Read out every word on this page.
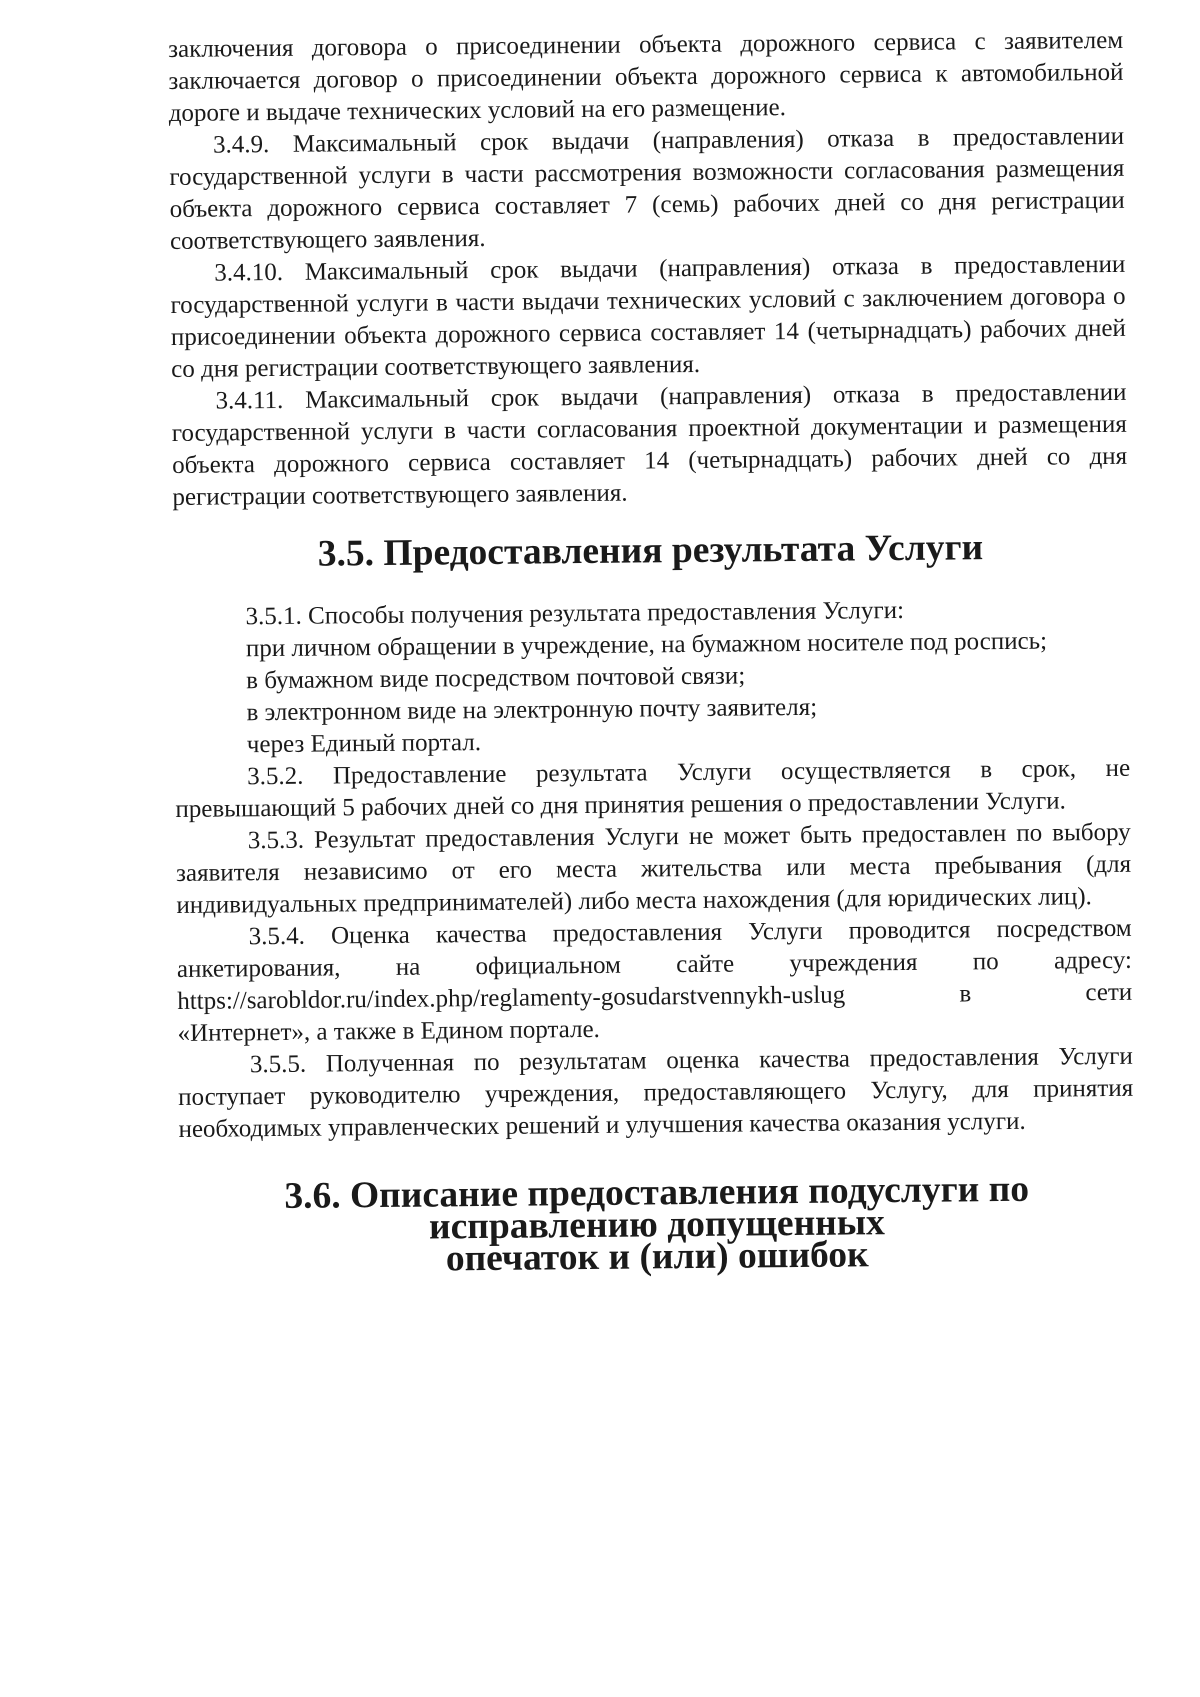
заключения договора о присоединении объекта дорожного сервиса с заявителем заключается договор о присоединении объекта дорожного сервиса к автомобильной дороге и выдаче технических условий на его размещение.

3.4.9. Максимальный срок выдачи (направления) отказа в предоставлении государственной услуги в части рассмотрения возможности согласования размещения объекта дорожного сервиса составляет 7 (семь) рабочих дней со дня регистрации соответствующего заявления.

3.4.10. Максимальный срок выдачи (направления) отказа в предоставлении государственной услуги в части выдачи технических условий с заключением договора о присоединении объекта дорожного сервиса составляет 14 (четырнадцать) рабочих дней со дня регистрации соответствующего заявления.

3.4.11. Максимальный срок выдачи (направления) отказа в предоставлении государственной услуги в части согласования проектной документации и размещения объекта дорожного сервиса составляет 14 (четырнадцать) рабочих дней со дня регистрации соответствующего заявления.

3.5. Предоставления результата Услуги

3.5.1. Способы получения результата предоставления Услуги:

при личном обращении в учреждение, на бумажном носителе под роспись;

в бумажном виде посредством почтовой связи;

в электронном виде на электронную почту заявителя;

через Единый портал.

3.5.2. Предоставление результата Услуги осуществляется в срок, не превышающий 5 рабочих дней со дня принятия решения о предоставлении Услуги.

3.5.3. Результат предоставления Услуги не может быть предоставлен по выбору заявителя независимо от его места жительства или места пребывания (для индивидуальных предпринимателей) либо места нахождения (для юридических лиц).

3.5.4. Оценка качества предоставления Услуги проводится посредством анкетирования, на официальном сайте учреждения по адресу:

https://sarobldor.ru/index.php/reglamenty-gosudarstvennykh-uslug	в	сети

«Интернет», а также в Едином портале.

3.5.5. Полученная по результатам оценка качества предоставления Услуги поступает руководителю учреждения, предоставляющего Услугу, для принятия необходимых управленческих решений и улучшения качества оказания услуги.

3.6. Описание предоставления подуслуги по исправлению допущенных
опечаток и (или) ошибок
